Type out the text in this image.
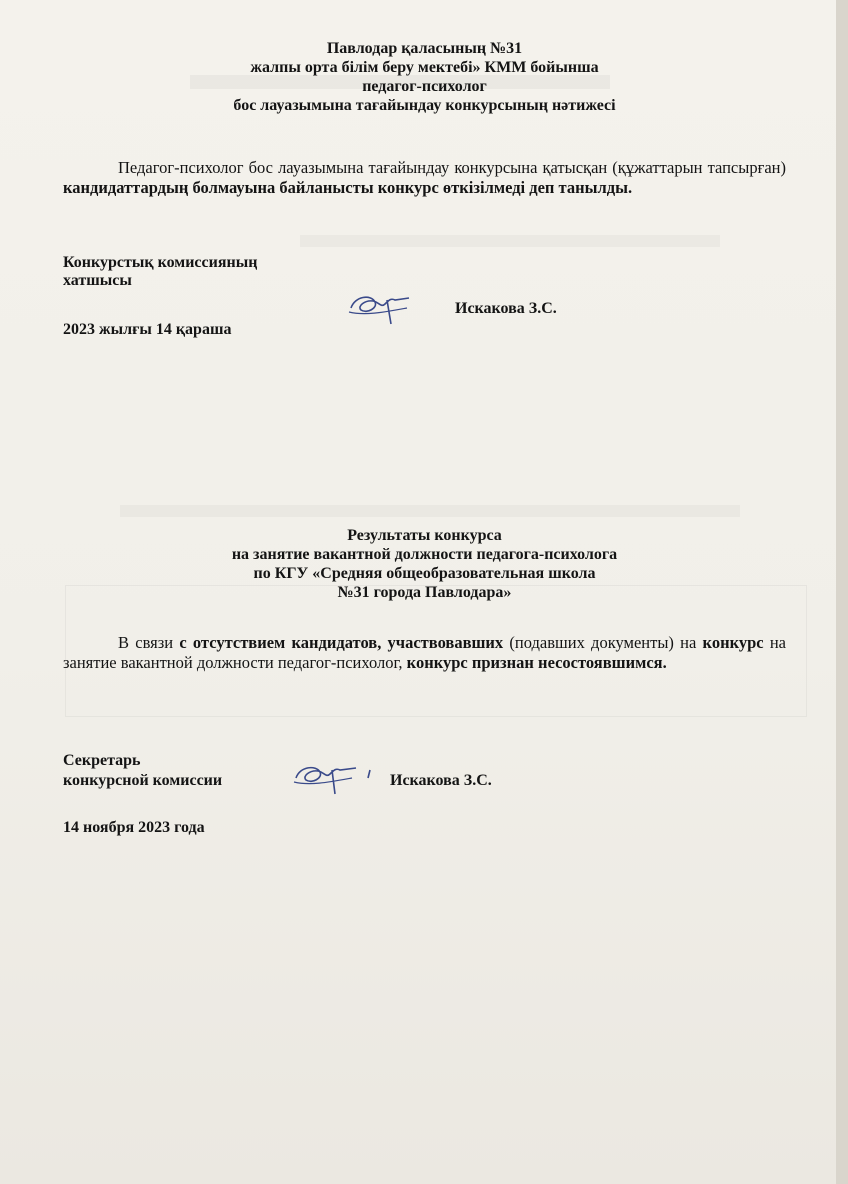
Павлодар қаласының №31
жалпы орта білім беру мектебі» КММ бойынша
педагог-психолог
бос лауазымына тағайындау конкурсының нәтижесі
Педагог-психолог бос лауазымына тағайындау конкурсына қатысқан (құжаттарын тапсырған) кандидаттардың болмауына байланысты конкурс өткізілмеді деп танылды.
Конкурстық комиссияның
хатшысы
Искакова З.С.
2023 жылғы 14 қараша
Результаты конкурса
на занятие вакантной должности педагога-психолога
по КГУ «Средняя общеобразовательная школа
№31 города Павлодара»
В связи с отсутствием кандидатов, участвовавших (подавших документы) на конкурс на занятие вакантной должности педагог-психолог, конкурс признан несостоявшимся.
Секретарь
конкурсной комиссии	Искакова З.С.
14 ноября 2023 года
